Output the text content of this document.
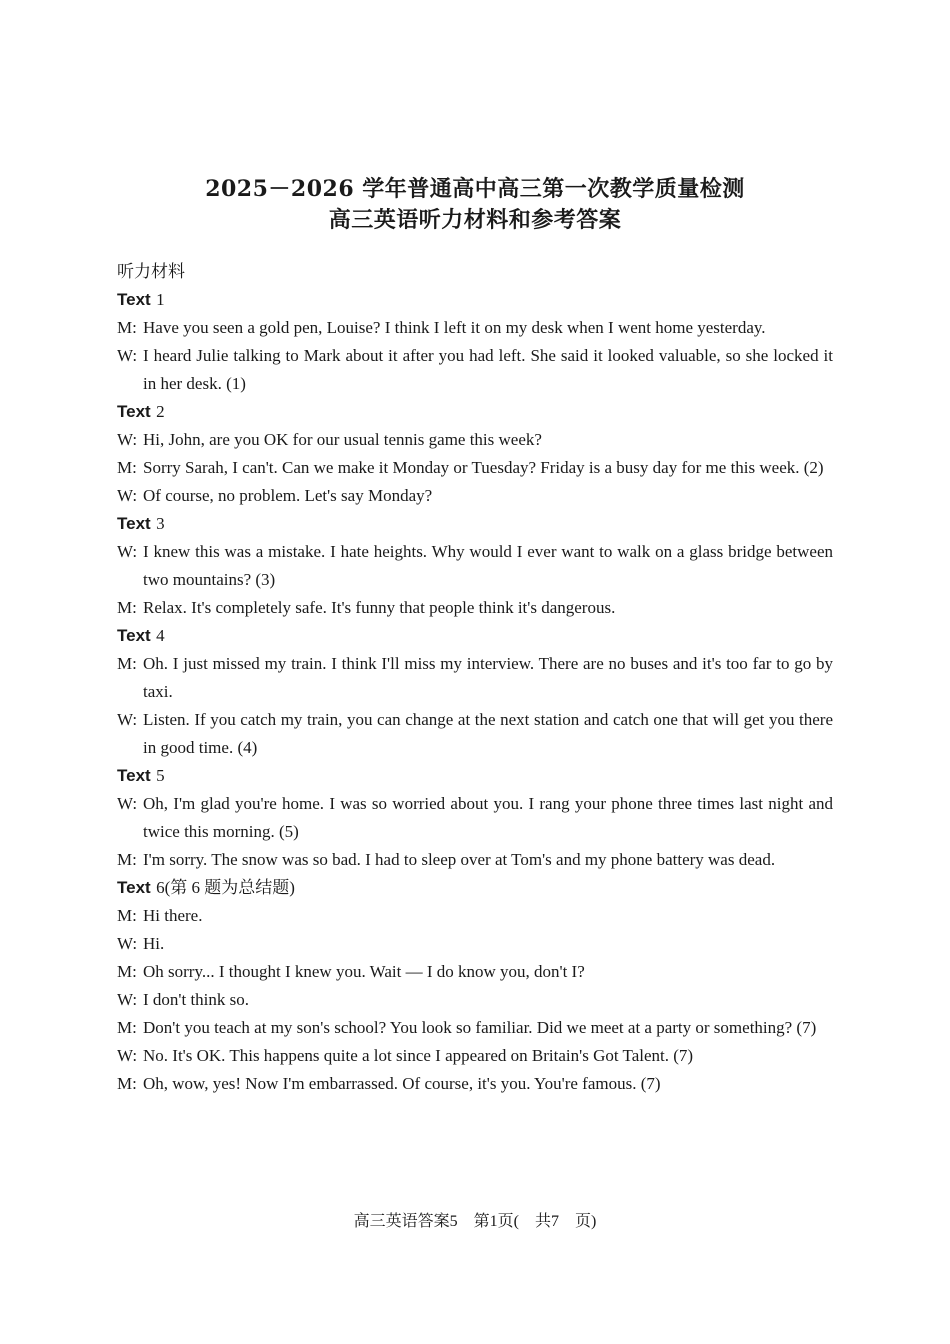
2025－2026 学年普通高中高三第一次教学质量检测
高三英语听力材料和参考答案
听力材料
Text 1
M: Have you seen a gold pen, Louise? I think I left it on my desk when I went home yesterday.
W: I heard Julie talking to Mark about it after you had left. She said it looked valuable, so she locked it in her desk. (1)
Text 2
W: Hi, John, are you OK for our usual tennis game this week?
M: Sorry Sarah, I can't. Can we make it Monday or Tuesday? Friday is a busy day for me this week. (2)
W: Of course, no problem. Let's say Monday?
Text 3
W: I knew this was a mistake. I hate heights. Why would I ever want to walk on a glass bridge between two mountains? (3)
M: Relax. It's completely safe. It's funny that people think it's dangerous.
Text 4
M: Oh. I just missed my train. I think I'll miss my interview. There are no buses and it's too far to go by taxi.
W: Listen. If you catch my train, you can change at the next station and catch one that will get you there in good time. (4)
Text 5
W: Oh, I'm glad you're home. I was so worried about you. I rang your phone three times last night and twice this morning. (5)
M: I'm sorry. The snow was so bad. I had to sleep over at Tom's and my phone battery was dead.
Text 6(第 6 题为总结题)
M: Hi there.
W: Hi.
M: Oh sorry... I thought I knew you. Wait — I do know you, don't I?
W: I don't think so.
M: Don't you teach at my son's school? You look so familiar. Did we meet at a party or something? (7)
W: No. It's OK. This happens quite a lot since I appeared on Britain's Got Talent. (7)
M: Oh, wow, yes! Now I'm embarrassed. Of course, it's you. You're famous. (7)
高三英语答案5　第1页(　共7　页)
